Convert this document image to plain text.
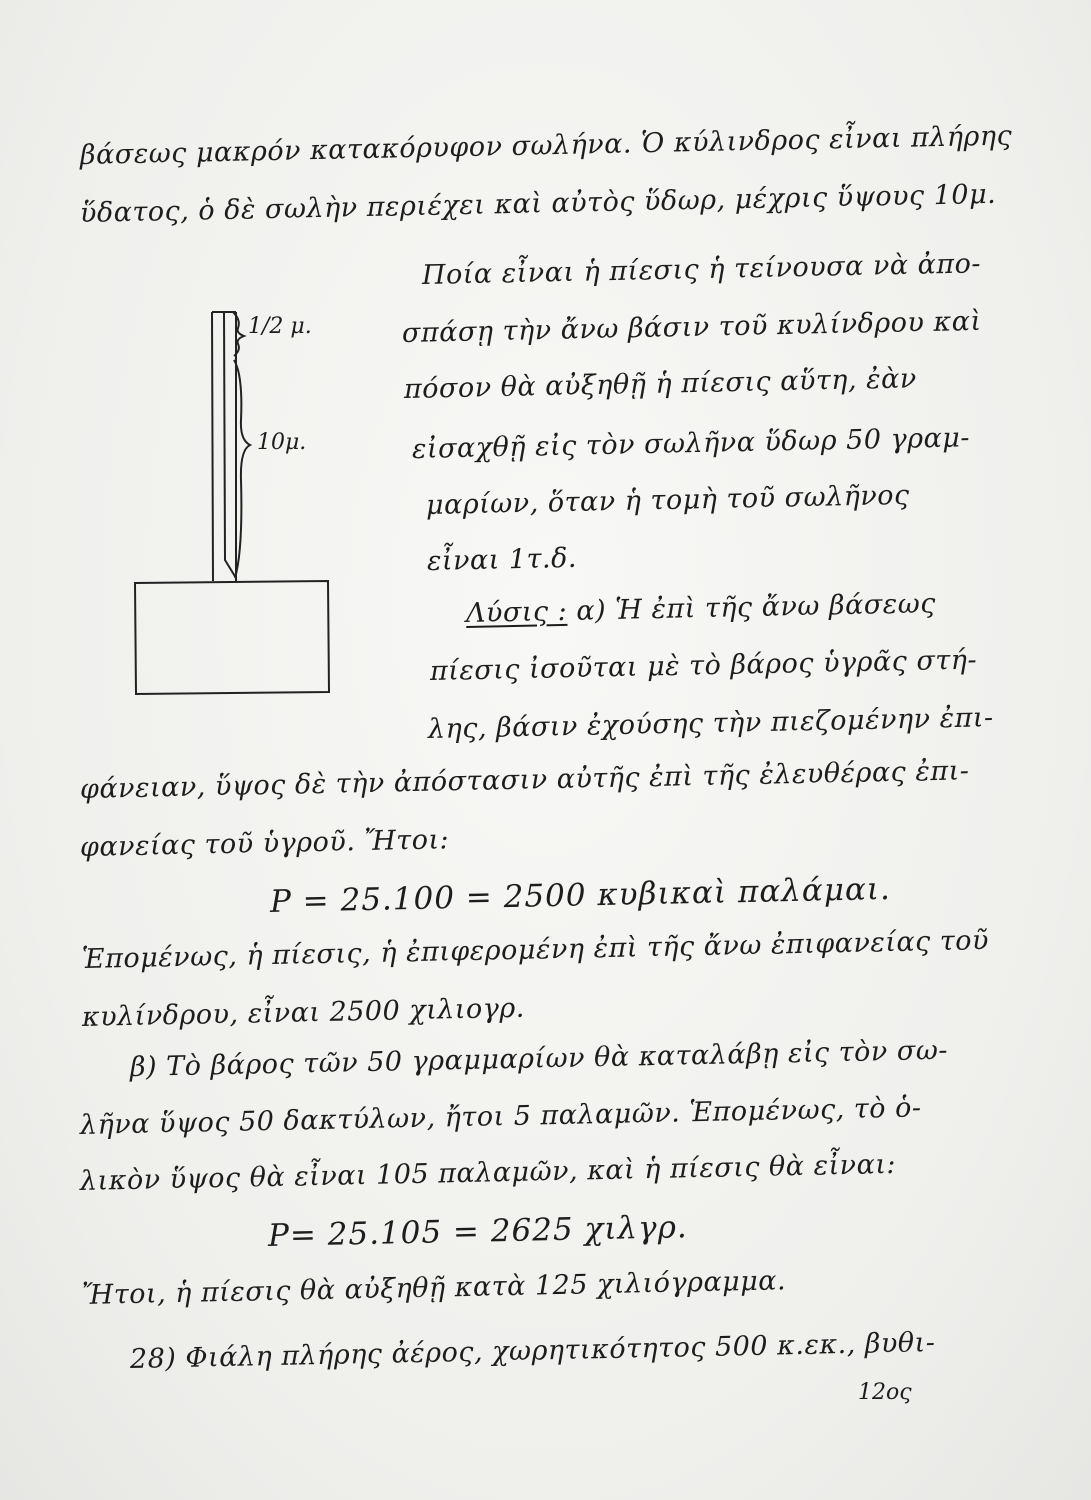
1/2 μ.
10μ.
βάσεως μακρόν κατακόρυφον σωλήνα. Ὁ κύλινδρος εἶναι πλήρης
ὕδατος, ὁ δὲ σωλὴν περιέχει καὶ αὐτὸς ὕδωρ, μέχρις ὕψους 10μ.
Ποία εἶναι ἡ πίεσις ἡ τείνουσα νὰ ἀπο-
σπάσῃ τὴν ἄνω βάσιν τοῦ κυλίνδρου καὶ
πόσον θὰ αὐξηθῇ ἡ πίεσις αὕτη, ἐὰν
εἰσαχθῇ εἰς τὸν σωλῆνα ὕδωρ 50 γραμ-
μαρίων, ὅταν ἡ τομὴ τοῦ σωλῆνος
εἶναι 1τ.δ.
Λύσις : α) Ἡ ἐπὶ τῆς ἄνω βάσεως
πίεσις ἰσοῦται μὲ τὸ βάρος ὑγρᾶς στή-
λης, βάσιν ἐχούσης τὴν πιεζομένην ἐπι-
φάνειαν, ὕψος δὲ τὴν ἀπόστασιν αὐτῆς ἐπὶ τῆς ἐλευθέρας ἐπι-
φανείας τοῦ ὑγροῦ. Ἤτοι:
P = 25.100 = 2500 κυβικαὶ παλάμαι.
Ἑπομένως, ἡ πίεσις, ἡ ἐπιφερομένη ἐπὶ τῆς ἄνω ἐπιφανείας τοῦ
κυλίνδρου, εἶναι 2500 χιλιογρ.
β) Τὸ βάρος τῶν 50 γραμμαρίων θὰ καταλάβῃ εἰς τὸν σω-
λῆνα ὕψος 50 δακτύλων, ἤτοι 5 παλαμῶν. Ἑπομένως, τὸ ὁ-
λικὸν ὕψος θὰ εἶναι 105 παλαμῶν, καὶ ἡ πίεσις θὰ εἶναι:
P= 25.105 = 2625 χιλγρ.
Ἤτοι, ἡ πίεσις θὰ αὐξηθῇ κατὰ 125 χιλιόγραμμα.
28) Φιάλη πλήρης ἀέρος, χωρητικότητος 500 κ.εκ., βυθι-
12ος
